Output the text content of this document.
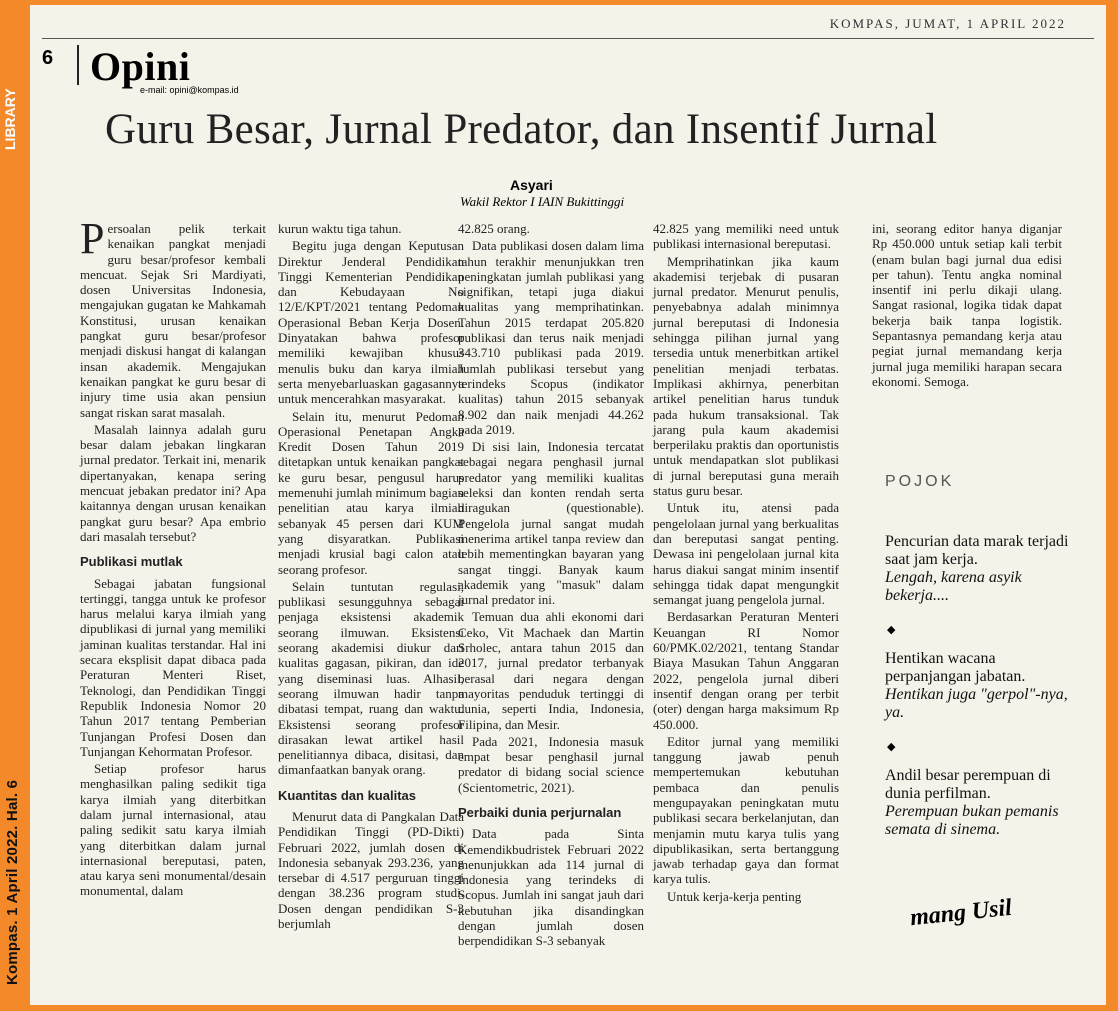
LIBRARY
Kompas. 1 April 2022. Hal. 6
KOMPAS, JUMAT, 1 APRIL 2022
6 Opini
e-mail: opini@kompas.id
Guru Besar, Jurnal Predator, dan Insentif Jurnal
Asyari
Wakil Rektor I IAIN Bukittinggi

Persoalan pelik terkait kenaikan pangkat menjadi guru besar/profesor kembali mencuat. Sejak Sri Mardiyati, dosen Universitas Indonesia, mengajukan gugatan ke Mahkamah Konstitusi, urusan kenaikan pangkat guru besar/profesor menjadi diskusi hangat di kalangan insan akademik. Mengajukan kenaikan pangkat ke guru besar di injury time usia akan pensiun sangat riskan sarat masalah.

Masalah lainnya adalah guru besar dalam jebakan lingkaran jurnal predator. Terkait ini, menarik dipertanyakan, kenapa sering mencuat jebakan predator ini? Apa kaitannya dengan urusan kenaikan pangkat guru besar? Apa embrio dari masalah tersebut?

Publikasi mutlak

Sebagai jabatan fungsional tertinggi, tangga untuk ke profesor harus melalui karya ilmiah yang dipublikasi di jurnal yang memiliki jaminan kualitas terstandar. Hal ini secara eksplisit dapat dibaca pada Peraturan Menteri Riset, Teknologi, dan Pendidikan Tinggi Republik Indonesia Nomor 20 Tahun 2017 tentang Pemberian Tunjangan Profesi Dosen dan Tunjangan Kehormatan Profesor.

Setiap profesor harus menghasilkan paling sedikit tiga karya ilmiah yang diterbitkan dalam jurnal internasional, atau paling sedikit satu karya ilmiah yang diterbitkan dalam jurnal internasional bereputasi, paten, atau karya seni monumental/desain monumental, dalam

kurun waktu tiga tahun.

Begitu juga dengan Keputusan Direktur Jenderal Pendidikan Tinggi Kementerian Pendidikan dan Kebudayaan No 12/E/KPT/2021 tentang Pedoman Operasional Beban Kerja Dosen. Dinyatakan bahwa profesor memiliki kewajiban khusus menulis buku dan karya ilmiah serta menyebarluaskan gagasannya untuk mencerahkan masyarakat.

Selain itu, menurut Pedoman Operasional Penetapan Angka Kredit Dosen Tahun 2019 ditetapkan untuk kenaikan pangkat ke guru besar, pengusul harus memenuhi jumlah minimum bagian penelitian atau karya ilmiah sebanyak 45 persen dari KUM yang disyaratkan. Publikasi menjadi krusial bagi calon atau seorang profesor.

Selain tuntutan regulasi, publikasi sesungguhnya sebagai penjaga eksistensi akademik seorang ilmuwan. Eksistensi seorang akademisi diukur dari kualitas gagasan, pikiran, dan ide yang diseminasi luas. Alhasil, seorang ilmuwan hadir tanpa dibatasi tempat, ruang dan waktu. Eksistensi seorang profesor dirasakan lewat artikel hasil penelitiannya dibaca, disitasi, dan dimanfaatkan banyak orang.

Kuantitas dan kualitas

Menurut data di Pangkalan Data Pendidikan Tinggi (PD-Dikti) Februari 2022, jumlah dosen di Indonesia sebanyak 293.236, yang tersebar di 4.517 perguruan tinggi dengan 38.236 program studi. Dosen dengan pendidikan S-3 berjumlah

42.825 orang.

Data publikasi dosen dalam lima tahun terakhir menunjukkan tren peningkatan jumlah publikasi yang signifikan, tetapi juga diakui kualitas yang memprihatinkan. Tahun 2015 terdapat 205.820 publikasi dan terus naik menjadi 343.710 publikasi pada 2019. Jumlah publikasi tersebut yang terindeks Scopus (indikator kualitas) tahun 2015 sebanyak 8.902 dan naik menjadi 44.262 pada 2019.

Di sisi lain, Indonesia tercatat sebagai negara penghasil jurnal predator yang memiliki kualitas seleksi dan konten rendah serta diragukan (questionable). Pengelola jurnal sangat mudah menerima artikel tanpa review dan lebih mementingkan bayaran yang sangat tinggi. Banyak kaum akademik yang "masuk" dalam jurnal predator ini.

Temuan dua ahli ekonomi dari Ceko, Vit Machaek dan Martin Srholec, antara tahun 2015 dan 2017, jurnal predator terbanyak berasal dari negara dengan mayoritas penduduk tertinggi di dunia, seperti India, Indonesia, Filipina, dan Mesir.

Pada 2021, Indonesia masuk empat besar penghasil jurnal predator di bidang social science (Scientometric, 2021).

Perbaiki dunia perjurnalan

Data pada Sinta Kemendikbudristek Februari 2022 menunjukkan ada 114 jurnal di Indonesia yang terindeks di Scopus. Jumlah ini sangat jauh dari kebutuhan jika disandingkan dengan jumlah dosen berpendidikan S-3 sebanyak

42.825 yang memiliki need untuk publikasi internasional bereputasi.

Memprihatinkan jika kaum akademisi terjebak di pusaran jurnal predator. Menurut penulis, penyebabnya adalah minimnya jurnal bereputasi di Indonesia sehingga pilihan jurnal yang tersedia untuk menerbitkan artikel penelitian menjadi terbatas. Implikasi akhirnya, penerbitan artikel penelitian harus tunduk pada hukum transaksional. Tak jarang pula kaum akademisi berperilaku praktis dan oportunistis untuk mendapatkan slot publikasi di jurnal bereputasi guna meraih status guru besar.

Untuk itu, atensi pada pengelolaan jurnal yang berkualitas dan bereputasi sangat penting. Dewasa ini pengelolaan jurnal kita harus diakui sangat minim insentif sehingga tidak dapat mengungkit semangat juang pengelola jurnal.

Berdasarkan Peraturan Menteri Keuangan RI Nomor 60/PMK.02/2021, tentang Standar Biaya Masukan Tahun Anggaran 2022, pengelola jurnal diberi insentif dengan orang per terbit (oter) dengan harga maksimum Rp 450.000.

Editor jurnal yang memiliki tanggung jawab penuh mempertemukan kebutuhan pembaca dan penulis mengupayakan peningkatan mutu publikasi secara berkelanjutan, dan menjamin mutu karya tulis yang dipublikasikan, serta bertanggung jawab terhadap gaya dan format karya tulis.

Untuk kerja-kerja penting

ini, seorang editor hanya diganjar Rp 450.000 untuk setiap kali terbit (enam bulan bagi jurnal dua edisi per tahun). Tentu angka nominal insentif ini perlu dikaji ulang. Sangat rasional, logika tidak dapat bekerja baik tanpa logistik. Sepantasnya pemandang kerja atau pegiat jurnal memandang kerja jurnal juga memiliki harapan secara ekonomi. Semoga.

POJOK
Pencurian data marak terjadi saat jam kerja.
Lengah, karena asyik bekerja....
◆
Hentikan wacana perpanjangan jabatan.
Hentikan juga "gerpol"-nya, ya.
◆
Andil besar perempuan di dunia perfilman.
Perempuan bukan pemanis semata di sinema.
mang Usil
